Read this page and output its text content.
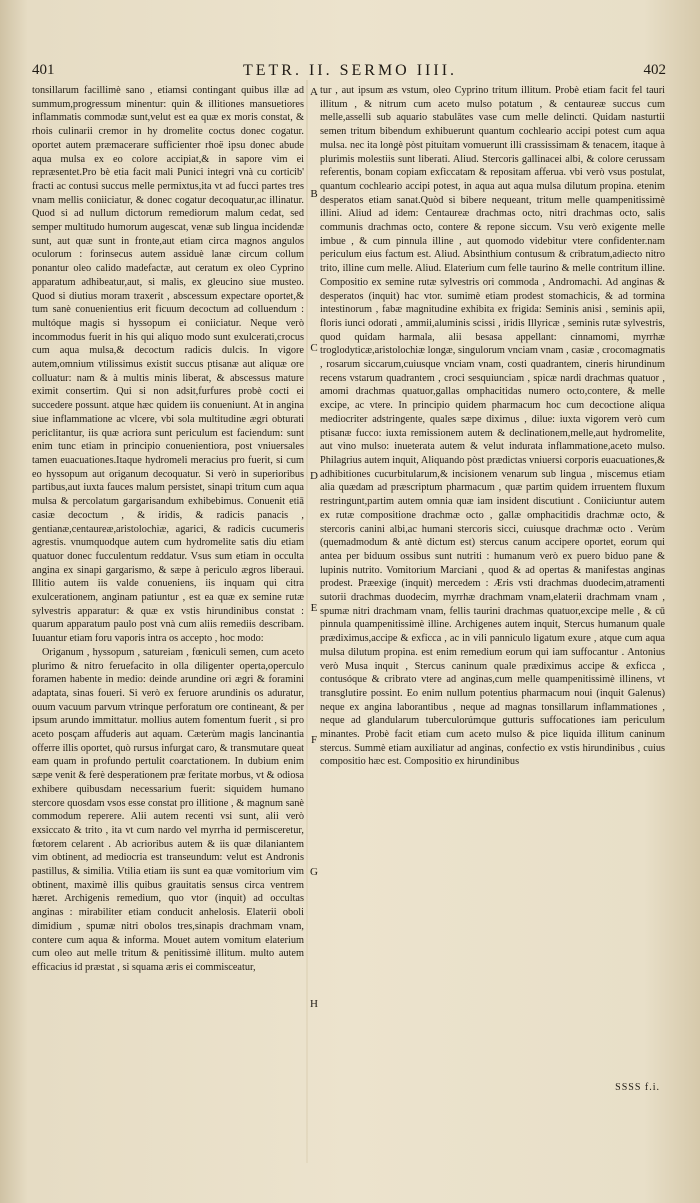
401	TETR. II. SERMO IIII.	402

tonsillarum facillimè sano , etiamsi contingant quibus illæ ad summum,progressum minentur: quin & illitiones mansuetiores inflammatis commodæ sunt,velut est ea quæ ex moris constat, & rhois culinarii cremor in hy dromelite coctus donec cogatur. oportet autem præmacerare sufficienter rhoë ipsu donec abude aqua mulsa ex eo colore accipiat,& in sapore vim ei repræsentet.Pro bè etia facit mali Punici integri vnà cu corticib' fracti ac contusi succus melle permixtus,ita vt ad fucci partes tres vnam mellis coniiciatur, & donec cogatur decoquatur,ac illinatur. Quod si ad nullum dictorum remediorum malum cedat, sed semper multitudo humorum augescat, venæ sub lingua incidendæ sunt, aut quæ sunt in fronte,aut etiam circa magnos angulos oculorum : forinsecus autem assiduè lanæ circum collum ponantur oleo calido madefactæ, aut ceratum ex oleo Cyprino apparatum adhibeatur,aut, si malis, ex gleucino siue musteo. Quod si diutius moram traxerit , abscessum expectare oportet,& tum sanè conuenientius erit ficuum decoctum ad colluendum : multóque magis si hyssopum ei coniiciatur. Neque verò incommodus fuerit in his qui aliquo modo sunt exulcerati,crocus cum aqua mulsa,& decoctum radicis dulcis. In vigore autem,omnium vtilissimus existit succus ptisanæ aut aliquæ ore colluatur: nam & à multis minis liberat, & abscessus mature eximit consertim. Qui si non adsit,furfures probè cocti ei succedere possunt. atque hæc quidem iis conueniunt. At in angina siue inflammatione ac vlcere, vbi sola multitudine ægri obturati periclitantur, iis quæ acriora sunt periculum est faciendum: sunt enim tunc etiam in principio conuenientiora, post vniuersales tamen euacuationes.Itaque hydromeli meracius pro fuerit, si cum eo hyssopum aut origanum decoquatur. Si verò in superioribus partibus,aut iuxta fauces malum persistet, sinapi tritum cum aqua mulsa & percolatum gargarisandum exhibebimus. Conuenit etiā casiæ decoctum , & iridis, & radicis panacis , gentianæ,centaureæ,aristolochiæ, agarici, & radicis cucumeris agrestis. vnumquodque autem cum hydromelite satis diu etiam quatuor donec fucculentum reddatur. Vsus sum etiam in occulta angina ex sinapi gargarismo, & sæpe à periculo ægros liberaui. Illitio autem iis valde conueniens, iis inquam qui citra exulcerationem, anginam patiuntur , est ea quæ ex semine rutæ sylvestris apparatur: & quæ ex vstis hirundinibus constat : quarum apparatum paulo post vnà cum aliis remediis describam. Iuuantur etiam foru vaporis intra os accepto , hoc modo:

Origanum , hyssopum , satureiam , fœniculi semen, cum aceto plurimo & nitro feruefacito in olla diligenter operta,operculo foramen habente in medio: deinde arundine ori ægri & foramini adaptata, sinas foueri. Si verò ex feruore arundinis os aduratur, ouum vacuum parvum vtrinque perforatum ore contineant, & per ipsum arundo immittatur. mollius autem fomentum fuerit , si pro aceto posçam affuderis aut aquam. Cæterùm magis lancinantia offerre illis oportet, quò rursus infurgat caro, & transmutare queat eam quam in profundo pertulit coarctationem. In dubium enim sæpe venit & ferè desperationem præ feritate morbus, vt & odiosa exhibere quibusdam necessarium fuerit: siquidem humano stercore quosdam vsos esse constat pro illitione , & magnum sanè commodum reperere. Alii autem recenti vsi sunt, alii verò exsiccato & trito , ita vt cum nardo vel myrrha id permisceretur, fœtorem celarent . Ab acrioribus autem & iis quæ dilaniantem vim obtinent, ad mediocria est transeundum: velut est Andronis pastillus, & similia. Vtilia etiam iis sunt ea quæ vomitorium vim obtinent, maximè illis quibus grauitatis sensus circa ventrem hæret. Archigenis remedium, quo vtor (inquit) ad occultas anginas : mirabiliter etiam conducit anhelosis. Elaterii oboli dimidium , spumæ nitri obolos tres,sinapis drachmam vnam, contere cum aqua & informa. Mouet autem vomitum elaterium cum oleo aut melle tritum & penitissimè illitum. multo autem efficacius id præstat , si squama æris ei commisceatur,

A
B
C
D
E
F
G
H

tur , aut ipsum æs vstum, oleo Cyprino tritum illitum. Probè etiam facit fel tauri illitum , & nitrum cum aceto mulso potatum , & centaureæ succus cum melle,asselli sub aquario stabulātes vase cum melle delincti. Quidam nasturtii semen tritum bibendum exhibuerunt quantum cochleario accipi potest cum aqua mulsa. nec ita longè pòst pituitam vomuerunt illi crassissimam & tenacem, itaque à plurimis molestiis sunt liberati. Aliud. Stercoris gallinacei albi, & colore cerussam referentis, bonam copiam exficcatam & repositam afferua. vbi verò vsus postulat, quantum cochleario accipi potest, in aqua aut aqua mulsa dilutum propina. etenim desperatos etiam sanat.Quòd si bibere nequeant, tritum melle quampenitissimè illini. Aliud ad idem: Centaureæ drachmas octo, nitri drachmas octo, salis communis drachmas octo, contere & repone siccum. Vsu verò exigente melle imbue , & cum pinnula illine , aut quomodo videbitur vtere confidenter.nam periculum eius factum est. Aliud. Absinthium contusum & cribratum,adiecto nitro trito, illine cum melle. Aliud. Elaterium cum felle taurino & melle contritum illine. Compositio ex semine rutæ sylvestris ori commoda , Andromachi. Ad anginas & desperatos (inquit) hac vtor. sumimè etiam prodest stomachicis, & ad tormina intestinorum , fabæ magnitudine exhibita ex frigida: Seminis anisi , seminis apii, floris iunci odorati , ammii,aluminis scissi , iridis Illyricæ , seminis rutæ sylvestris, quod quidam harmala, alii besasa appellant: cinnamomi, myrrhæ troglodyticæ,aristolochiæ longæ, singulorum vnciam vnam , casiæ , crocomagmatis , rosarum siccarum,cuiusque vnciam vnam, costi quadrantem, cineris hirundinum recens vstarum quadrantem , croci sesquiunciam , spicæ nardi drachmas quatuor , amomi drachmas quatuor,gallas omphacitidas numero octo,contere, & melle excipe, ac vtere. In principio quidem pharmacum hoc cum decoctione aliqua mediocriter adstringente, quales sæpe diximus , dilue: iuxta vigorem verò cum ptisanæ fucco: iuxta remissionem autem & declinationem,melle,aut hydromelite, aut vino mulso: inueterata autem & velut indurata inflammatione,aceto mulso. Philagrius autem inquit, Aliquando pòst prædictas vniuersi corporis euacuationes,& adhibitiones cucurbitularum,& incisionem venarum sub lingua , miscemus etiam alia quædam ad præscriptum pharmacum , quæ partim quidem irruentem fluxum restringunt,partim autem omnia quæ iam insident discutiunt . Coniiciuntur autem ex rutæ compositione drachmæ octo , gallæ omphacitidis drachmæ octo, & stercoris canini albi,ac humani stercoris sicci, cuiusque drachmæ octo . Verùm (quemadmodum & antè dictum est) stercus canum accipere oportet, eorum qui antea per biduum ossibus sunt nutriti : humanum verò ex puero biduo pane & lupinis nutrito. Vomitorium Marciani , quod & ad opertas & manifestas anginas prodest. Præexige (inquit) mercedem : Æris vsti drachmas duodecim,atramenti sutorii drachmas duodecim, myrrhæ drachmam vnam,elaterii drachmam vnam , spumæ nitri drachmam vnam, fellis taurini drachmas quatuor,excipe melle , & cū pinnula quampenitissimè illine. Archigenes autem inquit, Stercus humanum quale prædiximus,accipe & exficca , ac in vili panniculo ligatum exure , atque cum aqua mulsa dilutum propina. est enim remedium eorum qui iam suffocantur . Antonius verò Musa inquit , Stercus caninum quale prædiximus accipe & exficca , contusóque & cribrato vtere ad anginas,cum melle quampenitissimè illinens, vt transglutire possint. Eo enim nullum potentius pharmacum noui (inquit Galenus) neque ex angina laborantibus , neque ad magnas tonsillarum inflammationes , neque ad glandularum tuberculorúmque gutturis suffocationes iam periculum minantes. Probè facit etiam cum aceto mulso & pice liquida illitum caninum stercus. Summè etiam auxiliatur ad anginas, confectio ex vstis hirundinibus , cuius compositio hæc est. Compositio ex hirundinibus

SSSS f.i.
